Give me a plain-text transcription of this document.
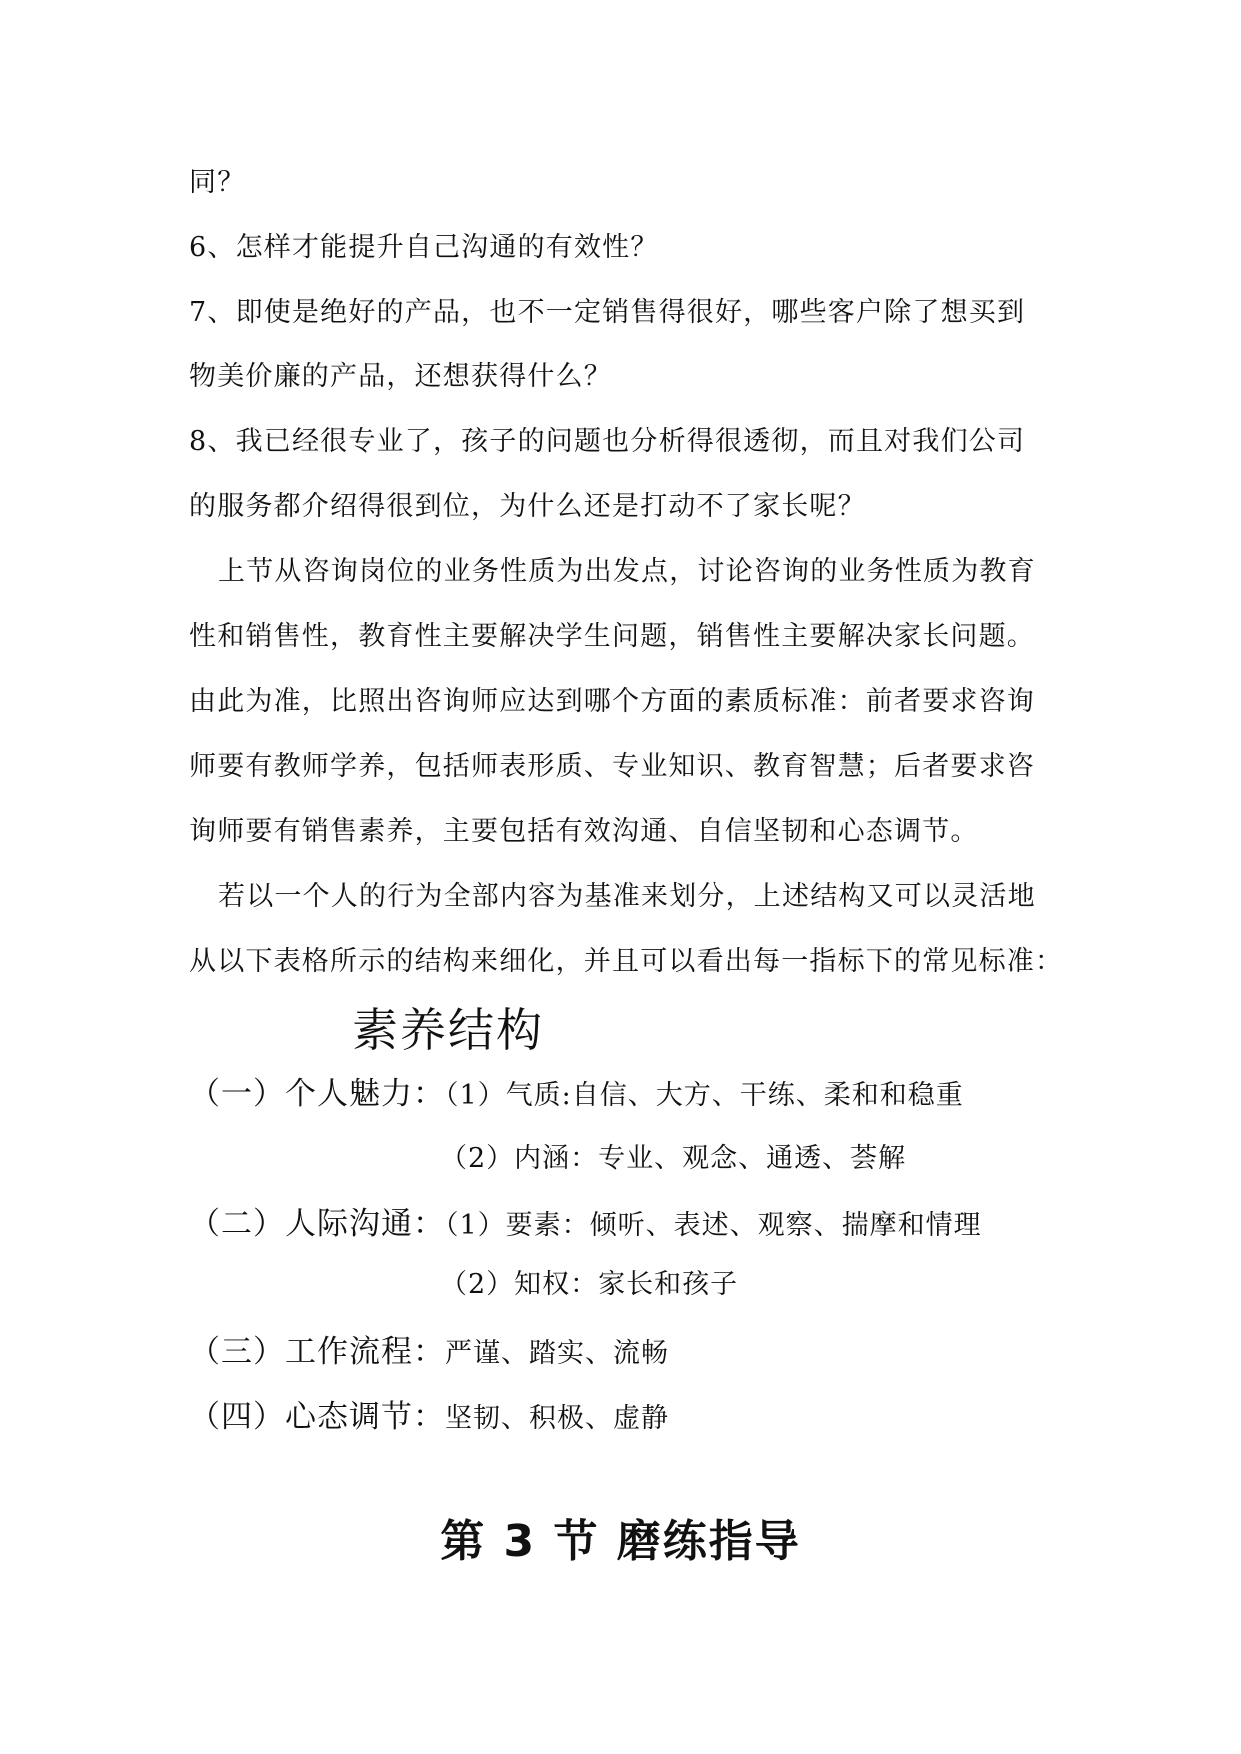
同？
6、怎样才能提升自己沟通的有效性？
7、即使是绝好的产品，也不一定销售得很好，哪些客户除了想买到
物美价廉的产品，还想获得什么？
8、我已经很专业了，孩子的问题也分析得很透彻，而且对我们公司
的服务都介绍得很到位，为什么还是打动不了家长呢？
上节从咨询岗位的业务性质为出发点，讨论咨询的业务性质为教育
性和销售性，教育性主要解决学生问题，销售性主要解决家长问题。
由此为准，比照出咨询师应达到哪个方面的素质标准：前者要求咨询
师要有教师学养，包括师表形质、专业知识、教育智慧；后者要求咨
询师要有销售素养，主要包括有效沟通、自信坚韧和心态调节。
若以一个人的行为全部内容为基准来划分，上述结构又可以灵活地
从以下表格所示的结构来细化，并且可以看出每一指标下的常见标准：
素养结构
（一）个人魅力：（1）气质:自信、大方、干练、柔和和稳重
（2）内涵：专业、观念、通透、荟解
（二）人际沟通：（1）要素：倾听、表述、观察、揣摩和情理
（2）知权：家长和孩子
（三）工作流程：严谨、踏实、流畅
（四）心态调节：坚韧、积极、虚静
第 3 节 磨练指导
